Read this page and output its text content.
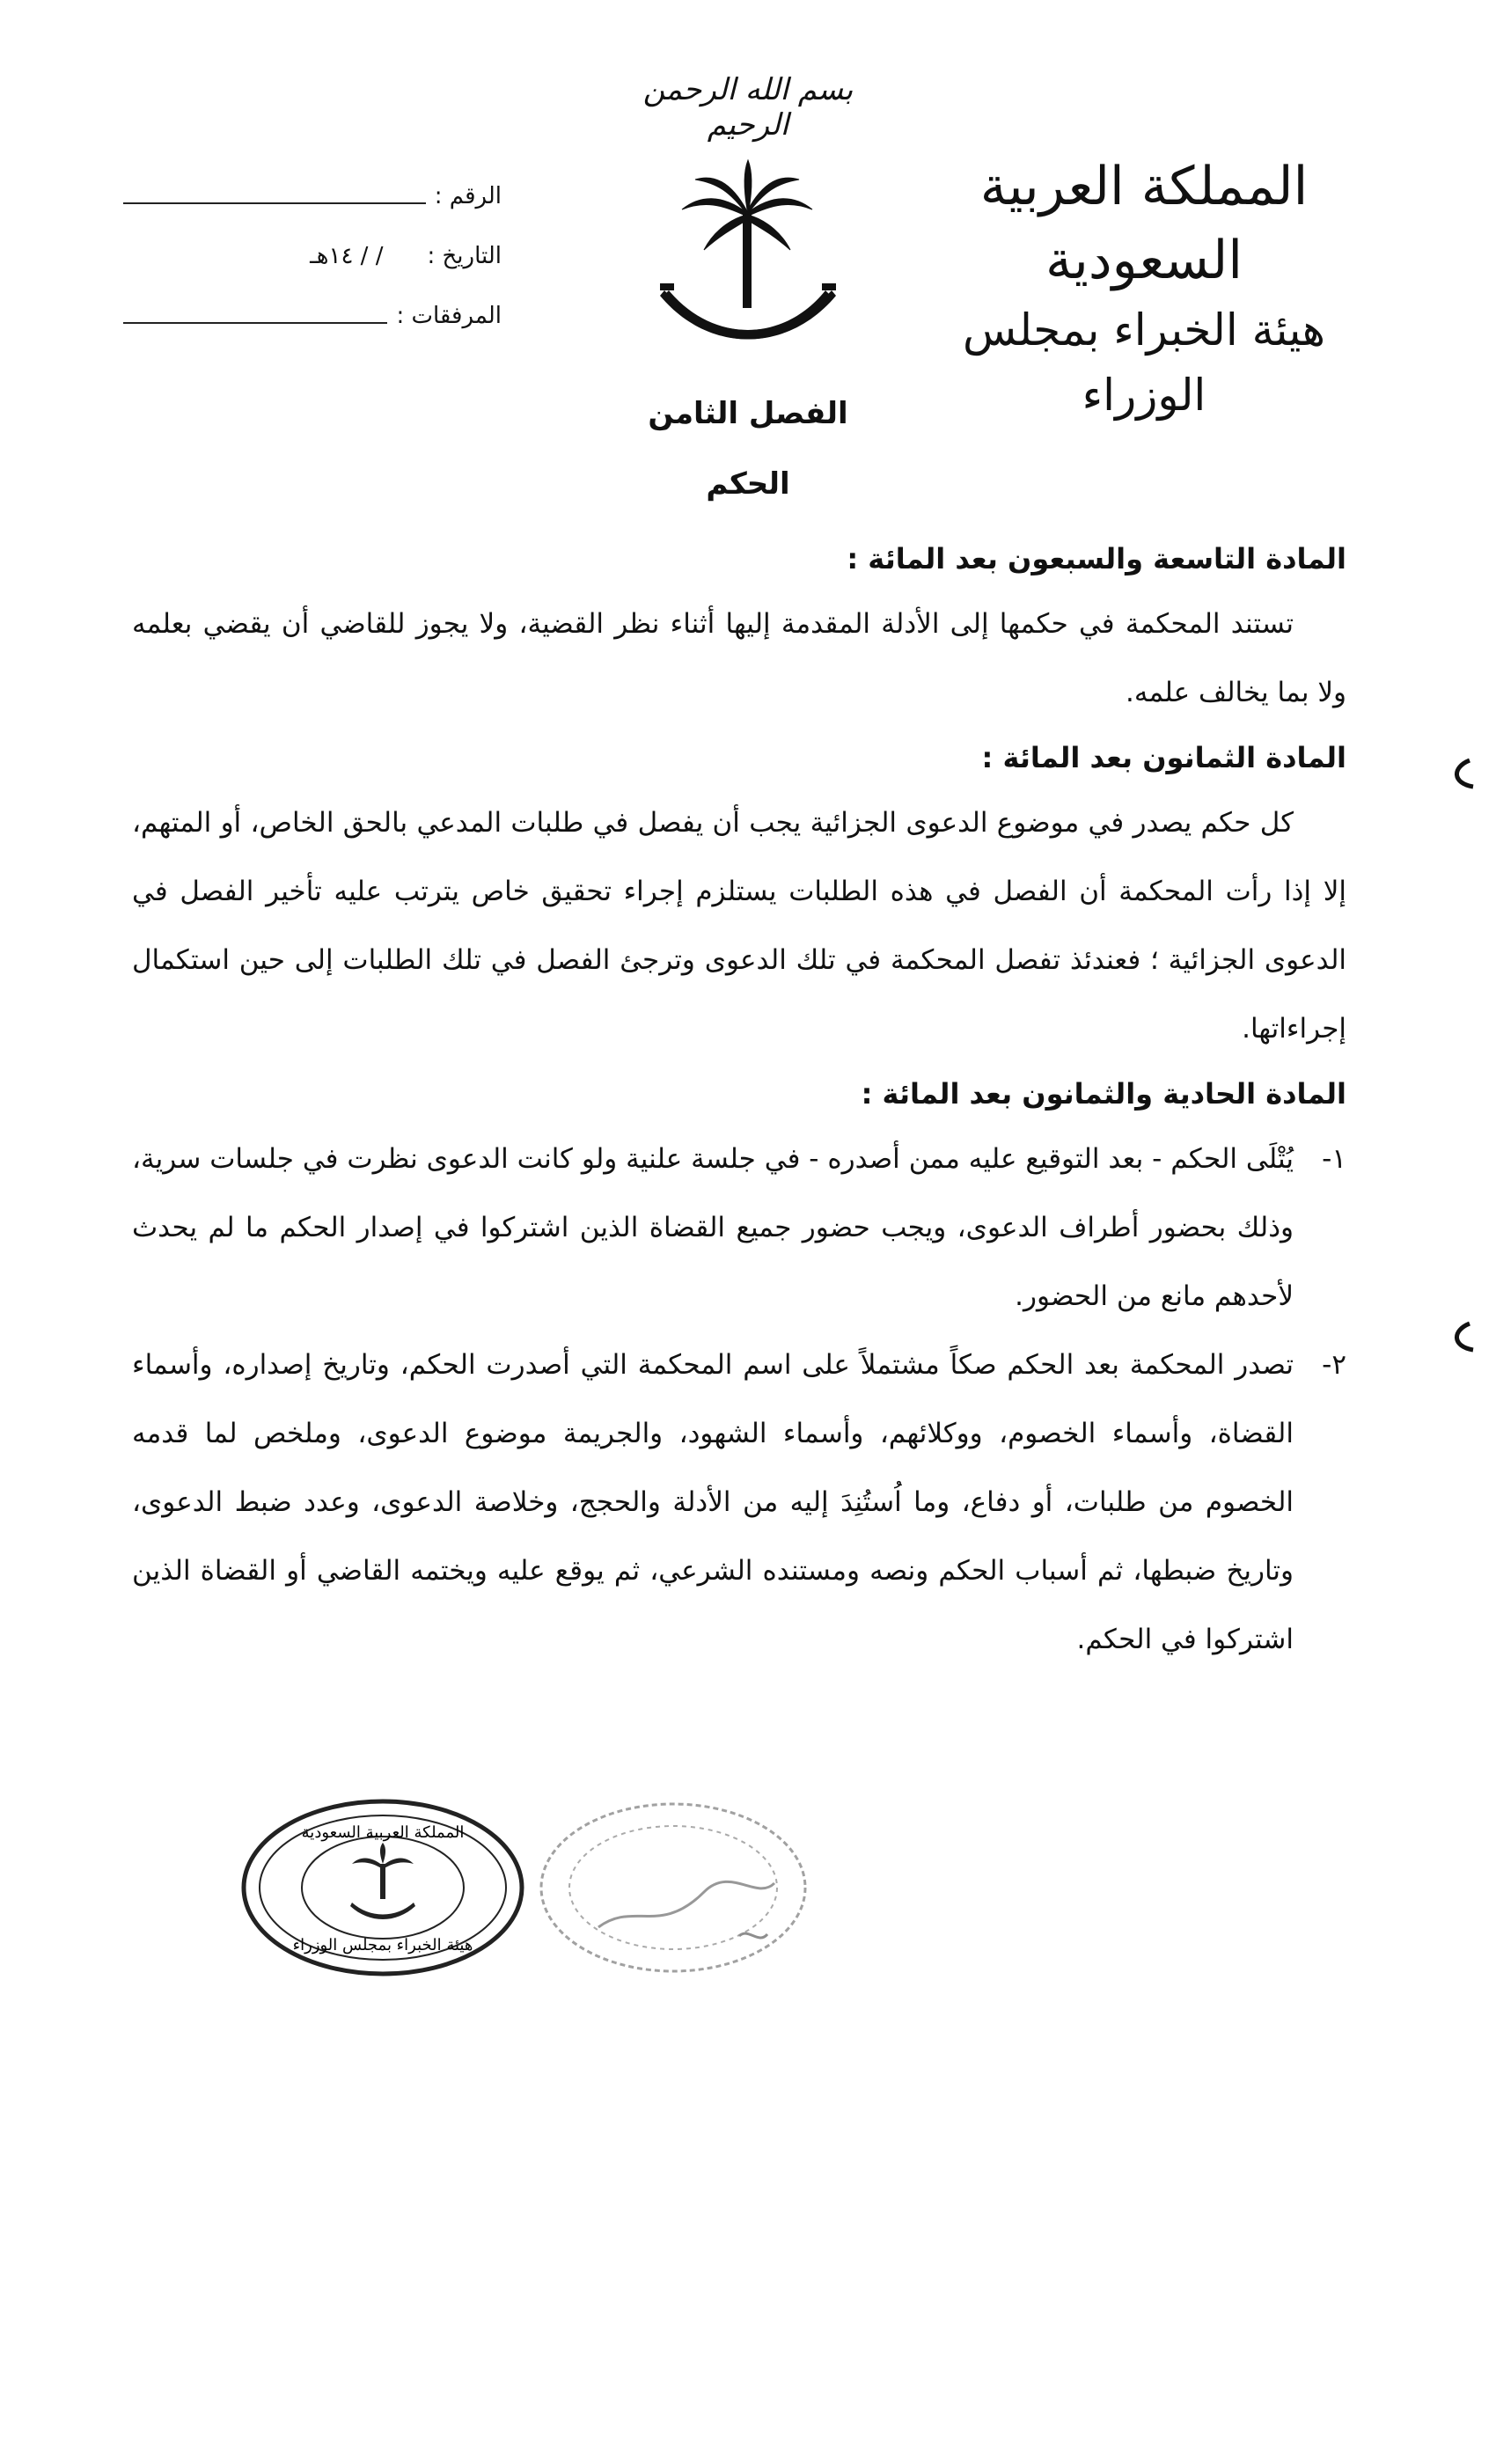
بسم الله الرحمن الرحيم
المملكة العربية السعودية
هيئة الخبراء بمجلس الوزراء
الرقم :
التاريخ :
/ / ١٤هـ
المرفقات :
الفصل الثامن
الحكم
المادة التاسعة والسبعون بعد المائة :

تستند المحكمة في حكمها إلى الأدلة المقدمة إليها أثناء نظر القضية، ولا يجوز للقاضي أن يقضي بعلمه ولا بما يخالف علمه.

المادة الثمانون بعد المائة :

كل حكم يصدر في موضوع الدعوى الجزائية يجب أن يفصل في طلبات المدعي بالحق الخاص، أو المتهم، إلا إذا رأت المحكمة أن الفصل في هذه الطلبات يستلزم إجراء تحقيق خاص يترتب عليه تأخير الفصل في الدعوى الجزائية ؛ فعندئذ تفصل المحكمة في تلك الدعوى وترجئ الفصل في تلك الطلبات إلى حين استكمال إجراءاتها.

المادة الحادية والثمانون بعد المائة :

١-يُتْلَى الحكم - بعد التوقيع عليه ممن أصدره - في جلسة علنية ولو كانت الدعوى نظرت في جلسات سرية، وذلك بحضور أطراف الدعوى، ويجب حضور جميع القضاة الذين اشتركوا في إصدار الحكم ما لم يحدث لأحدهم مانع من الحضور.

٢-تصدر المحكمة بعد الحكم صكاً مشتملاً على اسم المحكمة التي أصدرت الحكم، وتاريخ إصداره، وأسماء القضاة، وأسماء الخصوم، ووكلائهم، وأسماء الشهود، والجريمة موضوع الدعوى، وملخص لما قدمه الخصوم من طلبات، أو دفاع، وما اُستُنِدَ إليه من الأدلة والحجج، وخلاصة الدعوى، وعدد ضبط الدعوى، وتاريخ ضبطها، ثم أسباب الحكم ونصه ومستنده الشرعي، ثم يوقع عليه ويختمه القاضي أو القضاة الذين اشتركوا في الحكم.

المملكة العربية السعودية
هيئة الخبراء بمجلس الوزراء
